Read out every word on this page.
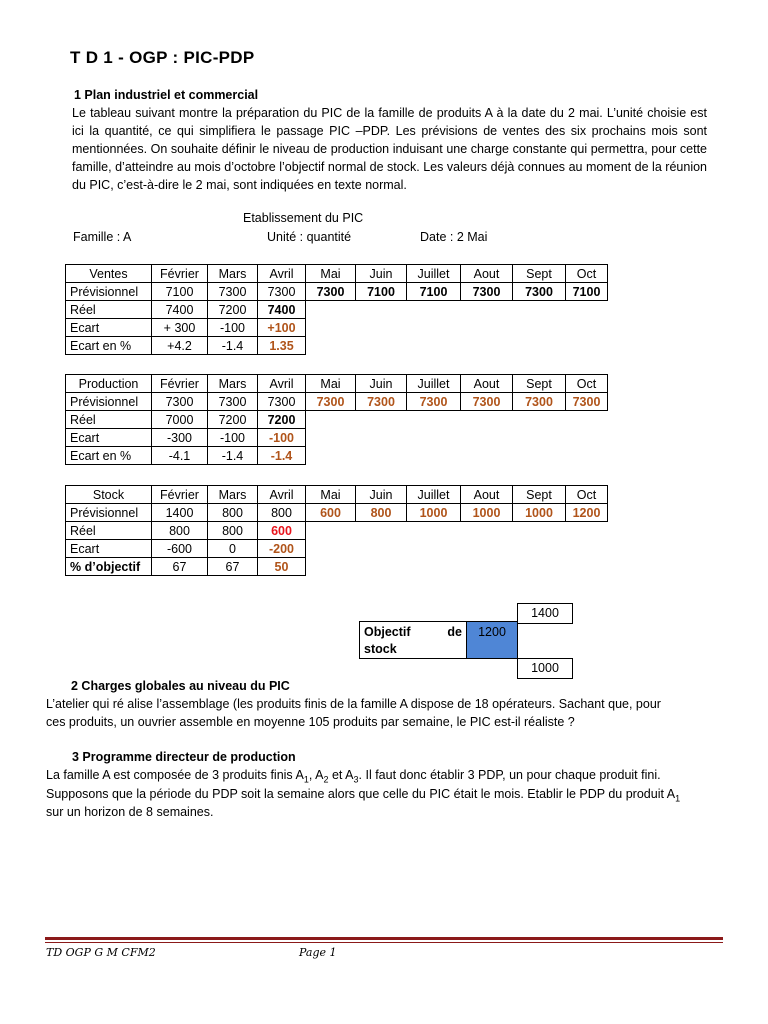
T D 1 - OGP : PIC-PDP
1 Plan industriel et commercial
Le tableau suivant montre la préparation du PIC de la famille de produits A à la date du 2 mai. L’unité choisie est ici la quantité, ce qui simplifiera le passage PIC –PDP. Les prévisions de ventes des six prochains mois sont mentionnées. On souhaite définir le niveau de production induisant une charge constante qui permettra, pour cette famille, d’atteindre au mois d’octobre l’objectif normal de stock. Les valeurs déjà connues au moment de la réunion du PIC, c’est-à-dire le 2 mai, sont indiquées en texte normal.
Etablissement du PIC
Famille : A	Unité : quantité	Date : 2 Mai
Ventes	Février	Mars	Avril	Mai	Juin	Juillet	Aout	Sept	Oct
Prévisionnel	7100	7300	7300	7300	7100	7100	7300	7300	7100
Réel	7400	7200	7400						
Ecart	+ 300	-100	+100						
Ecart en %	+4.2	-1.4	1.35						
Production	Février	Mars	Avril	Mai	Juin	Juillet	Aout	Sept	Oct
Prévisionnel	7300	7300	7300	7300	7300	7300	7300	7300	7300
Réel	7000	7200	7200						
Ecart	-300	-100	-100						
Ecart en %	-4.1	-1.4	-1.4						
Stock	Février	Mars	Avril	Mai	Juin	Juillet	Aout	Sept	Oct
Prévisionnel	1400	800	800	600	800	1000	1000	1000	1200
Réel	800	800	600						
Ecart	-600	0	-200						
% d’objectif	67	67	50						
1400
Objectif	de
stock
1200
1000
2 Charges globales au niveau du PIC
L’atelier qui ré alise l’assemblage (les produits finis de la famille A dispose de 18 opérateurs. Sachant que, pour
ces produits, un ouvrier assemble en moyenne 105 produits par semaine, le PIC est-il réaliste ?
3 Programme directeur de production
La famille A est composée de 3 produits finis $A_1$, $A_2$ et $A_3$. Il faut donc établir 3 PDP, un pour chaque produit fini.
Supposons que la période du PDP soit la semaine alors que celle du PIC était le mois. Etablir le PDP du produit $A_1$
sur un horizon de 8 semaines.
TD OGP G M CFM2	Page 1
